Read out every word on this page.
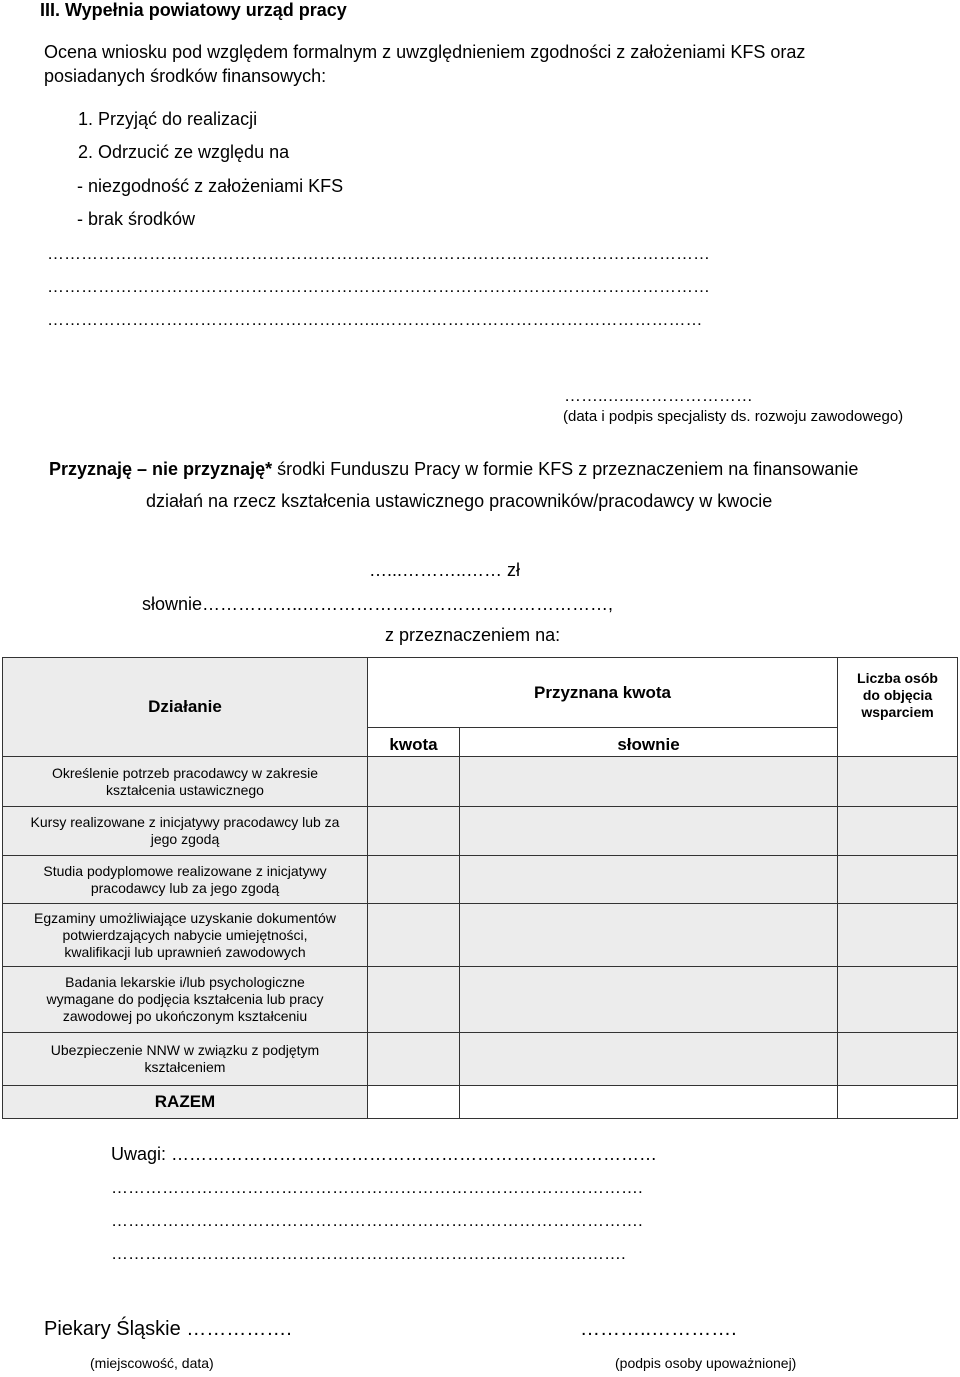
III. Wypełnia powiatowy urząd pracy
Ocena wniosku pod względem formalnym z uwzględnieniem zgodności z założeniami KFS oraz
posiadanych środków finansowych:
1. Przyjąć do realizacji
2. Odrzucić ze względu na
- niezgodność z założeniami KFS
- brak środków
………………………………………………………………………………………………………
………………………………………………………………………………………………………
…………………………………………………..…………………………………………………
……..…..…………………
(data i podpis specjalisty ds. rozwoju zawodowego)
Przyznaję – nie przyznaję* środki Funduszu Pracy w formie KFS z przeznaczeniem na finansowanie
działań na rzecz kształcenia ustawicznego pracowników/pracodawcy w kwocie
…...………..…… zł
słownie……………..……………………………………………,
z przeznaczeniem na:
Działanie	Przyznana kwota		Liczba osób
do objęcia
wsparciem

	kwota	słownie	

Określenie potrzeb pracodawcy w zakresie
kształcenia ustawicznego			

Kursy realizowane z inicjatywy pracodawcy lub za
jego zgodą			

Studia podyplomowe realizowane z inicjatywy
pracodawcy lub za jego zgodą			

Egzaminy umożliwiające uzyskanie dokumentów
potwierdzających nabycie umiejętności,
kwalifikacji lub uprawnień zawodowych			

Badania lekarskie i/lub psychologiczne
wymagane do podjęcia kształcenia lub pracy
zawodowej po ukończonym kształceniu			

Ubezpieczenie NNW w związku z podjętym
kształceniem			

RAZEM			
Uwagi: ………………………………………………………………………
………………………………………………………………………………….
………………………………………………………………………………….
……………………………………………………………………………….
Piekary Śląskie …………….
(miejscowość, data)
………..………….
(podpis osoby upoważnionej)
